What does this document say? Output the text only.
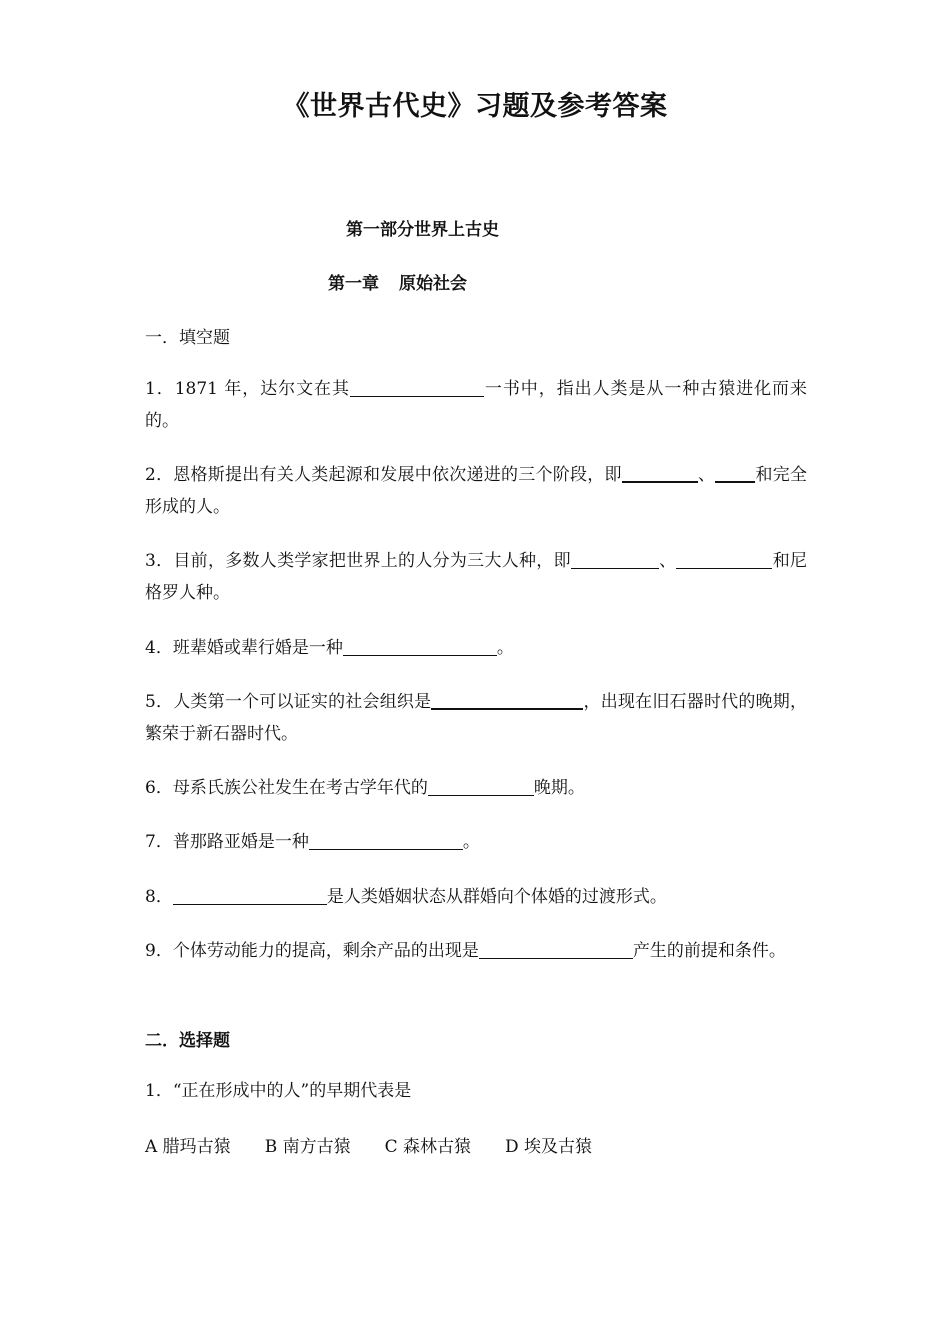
《世界古代史》习题及参考答案
第一部分世界上古史
第一章 原始社会
一．填空题
1．1871 年，达尔文在其	一书中，指出人类是从一种古猿进化而来的。
2．恩格斯提出有关人类起源和发展中依次递进的三个阶段，即	、 和完全形成的人。
3．目前，多数人类学家把世界上的人分为三大人种，即	、	和尼格罗人种。
4．班辈婚或辈行婚是一种	。
5．人类第一个可以证实的社会组织是	，出现在旧石器时代的晚期，繁荣于新石器时代。
6．母系氏族公社发生在考古学年代的	晚期。
7．普那路亚婚是一种	。
8．	是人类婚姻状态从群婚向个体婚的过渡形式。
9．个体劳动能力的提高，剩余产品的出现是	产生的前提和条件。
二．选择题
1．“正在形成中的人”的早期代表是
A 腊玛古猿 B 南方古猿 C 森林古猿 D 埃及古猿
